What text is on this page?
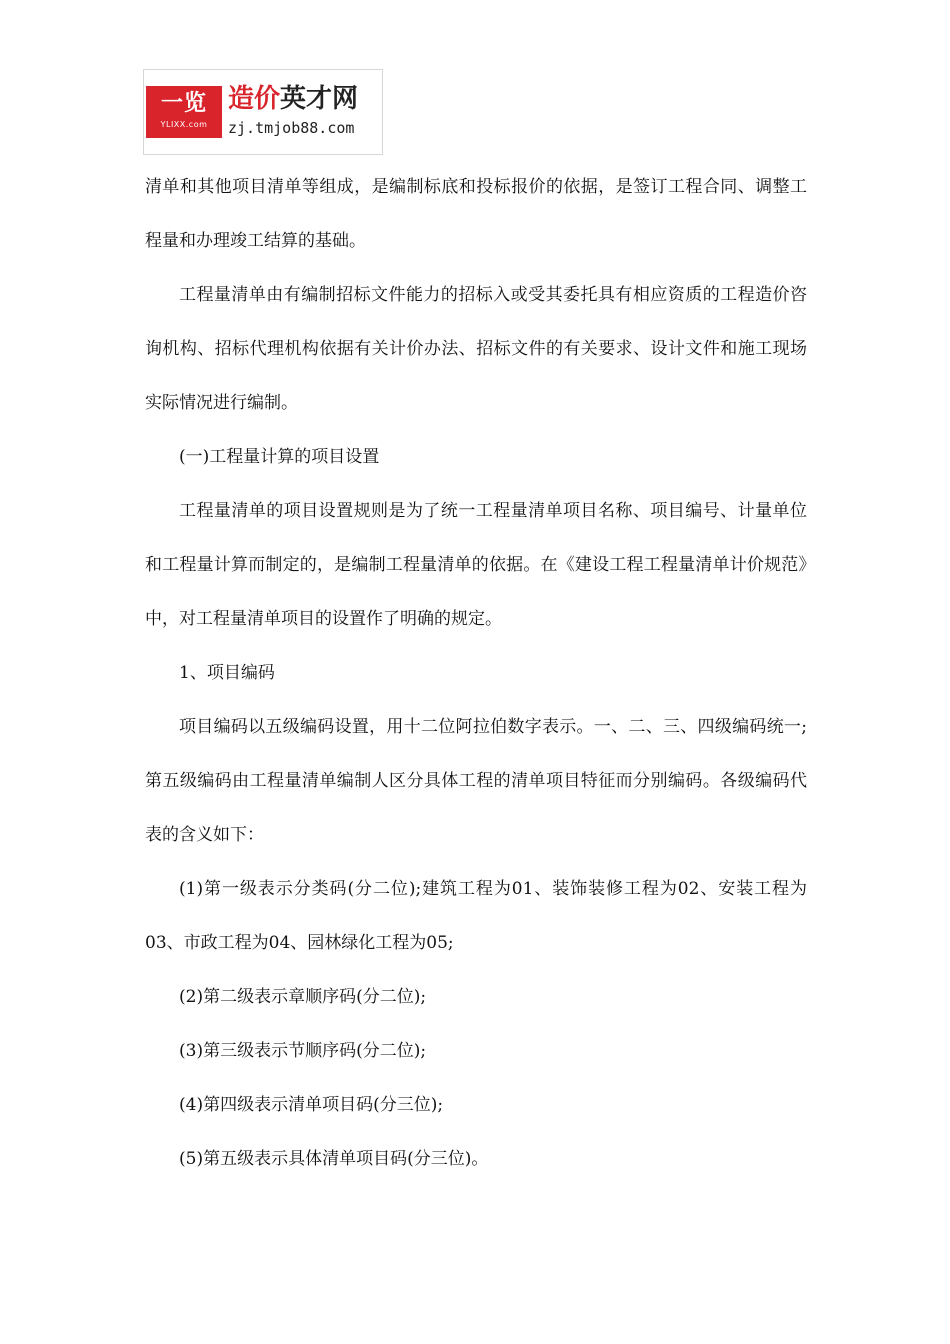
一览
YLIXX.com
造价英才网
zj.tmjob88.com

清单和其他项目清单等组成，是编制标底和投标报价的依据，是签订工程合同、调整工程量和办理竣工结算的基础。

工程量清单由有编制招标文件能力的招标入或受其委托具有相应资质的工程造价咨询机构、招标代理机构依据有关计价办法、招标文件的有关要求、设计文件和施工现场实际情况进行编制。

(一)工程量计算的项目设置

工程量清单的项目设置规则是为了统一工程量清单项目名称、项目编号、计量单位和工程量计算而制定的，是编制工程量清单的依据。在《建设工程工程量清单计价规范》中，对工程量清单项目的设置作了明确的规定。

1、项目编码

项目编码以五级编码设置，用十二位阿拉伯数字表示。一、二、三、四级编码统一;第五级编码由工程量清单编制人区分具体工程的清单项目特征而分别编码。各级编码代表的含义如下：

(1)第一级表示分类码(分二位);建筑工程为01、装饰装修工程为02、安装工程为03、市政工程为04、园林绿化工程为05;

(2)第二级表示章顺序码(分二位);

(3)第三级表示节顺序码(分二位);

(4)第四级表示清单项目码(分三位);

(5)第五级表示具体清单项目码(分三位)。
